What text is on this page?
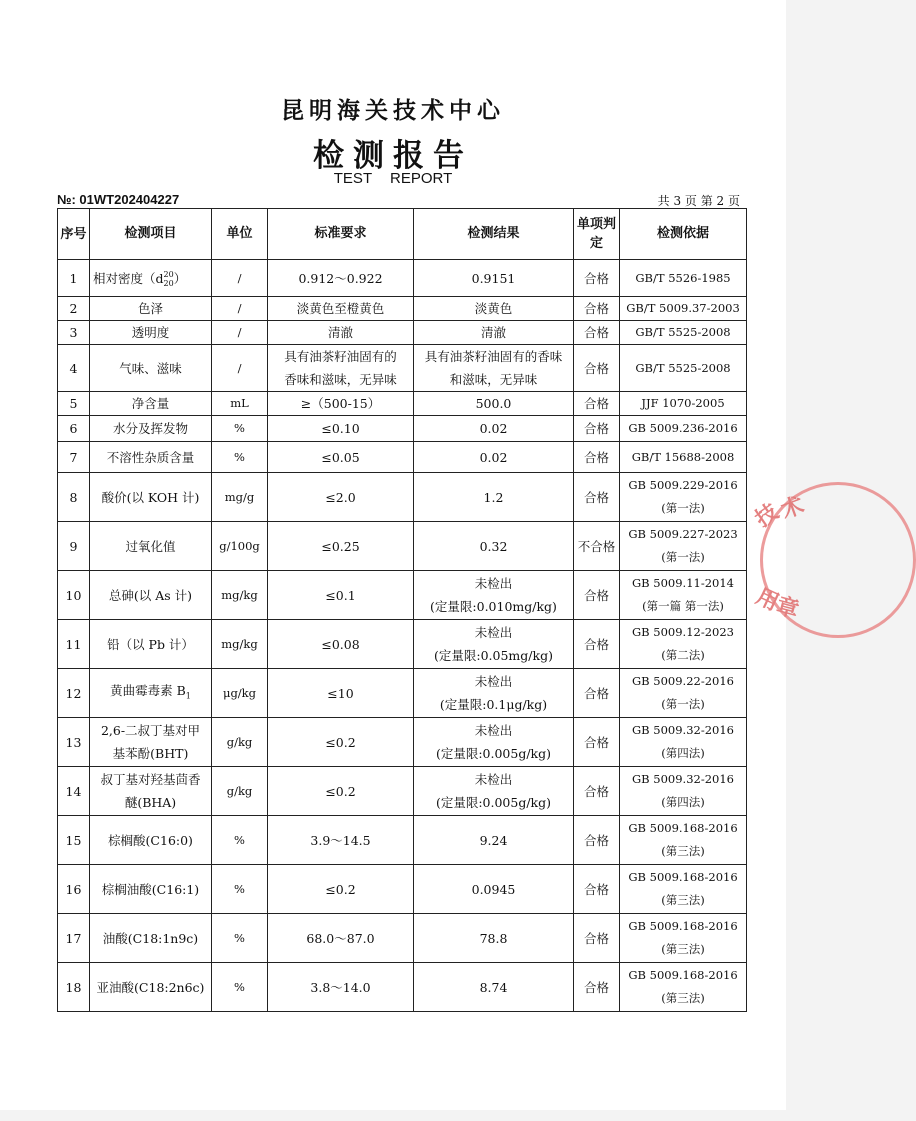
昆明海关技术中心
检测报告
TEST REPORT
№: 01WT202404227	共 3 页 第 2 页
序号	检测项目	单位	标准要求	检测结果	单项判定	检测依据
1	相对密度（d 20
20 ）	/	0.912～0.922	0.9151	合格	GB/T 5526-1985

2	色泽	/	淡黄色至橙黄色	淡黄色	合格	GB/T 5009.37-2003

3	透明度	/	清澈	清澈	合格	GB/T 5525-2008

4	气味、滋味	/	具有油茶籽油固有的
香味和滋味，无异味	具有油茶籽油固有的香味
和滋味，无异味	合格	GB/T 5525-2008

5	净含量	mL	≥（500-15）	500.0	合格	JJF 1070-2005

6	水分及挥发物	%	≤0.10	0.02	合格	GB 5009.236-2016

7	不溶性杂质含量	%	≤0.05	0.02	合格	GB/T 15688-2008

8	酸价(以 KOH 计)	mg/g	≤2.0	1.2	合格	GB 5009.229-2016
(第一法)

9	过氧化值	g/100g	≤0.25	0.32	不合格	GB 5009.227-2023
(第一法)

10	总砷(以 As 计)	mg/kg	≤0.1	未检出
(定量限:0.010mg/kg)	合格	GB 5009.11-2014
(第一篇 第一法)

11	铅（以 Pb 计）	mg/kg	≤0.08	未检出
(定量限:0.05mg/kg)	合格	GB 5009.12-2023
(第二法)

12	黄曲霉毒素 $B_1$	μg/kg	≤10	未检出
(定量限:0.1μg/kg)	合格	GB 5009.22-2016
(第一法)

13	2,6-二叔丁基对甲
基苯酚(BHT)	g/kg	≤0.2	未检出
(定量限:0.005g/kg)	合格	GB 5009.32-2016
(第四法)

14	叔丁基对羟基茴香
醚(BHA)	g/kg	≤0.2	未检出
(定量限:0.005g/kg)	合格	GB 5009.32-2016
(第四法)

15	棕榈酸(C16:0)	%	3.9～14.5	9.24	合格	GB 5009.168-2016
(第三法)

16	棕榈油酸(C16:1)	%	≤0.2	0.0945	合格	GB 5009.168-2016
(第三法)

17	油酸(C18:1n9c)	%	68.0～87.0	78.8	合格	GB 5009.168-2016
(第三法)

18	亚油酸(C18:2n6c)	%	3.8～14.0	8.74	合格	GB 5009.168-2016
(第三法)
技
术
用
章
